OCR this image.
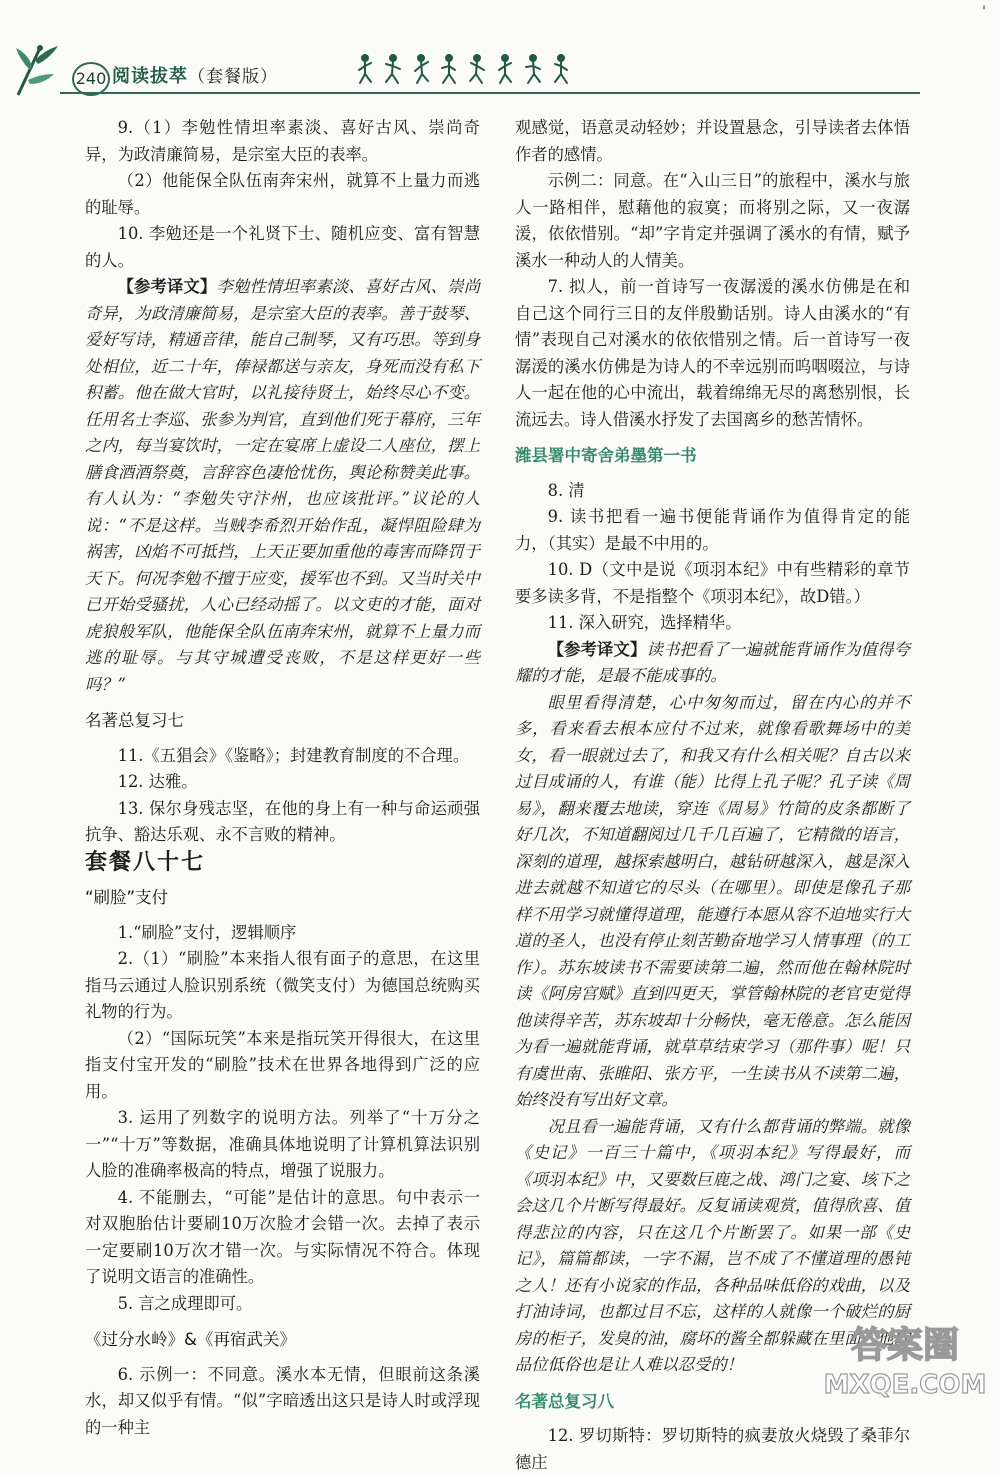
240 阅读拔萃（套餐版）
'

9.（1）李勉性情坦率素淡、喜好古风、崇尚奇异，为政清廉简易，是宗室大臣的表率。

（2）他能保全队伍南奔宋州，就算不上量力而逃的耻辱。

10. 李勉还是一个礼贤下士、随机应变、富有智慧的人。

【参考译文】李勉性情坦率素淡、喜好古风、崇尚奇异，为政清廉简易，是宗室大臣的表率。善于鼓琴、爱好写诗，精通音律，能自己制琴，又有巧思。等到身处相位，近二十年，俸禄都送与亲友，身死而没有私下积蓄。他在做大官时，以礼接待贤士，始终尽心不变。任用名士李巡、张参为判官，直到他们死于幕府，三年之内，每当宴饮时，一定在宴席上虚设二人座位，摆上膳食酒酒祭奠，言辞容色凄怆忧伤，舆论称赞美此事。有人认为：“李勉失守汴州，也应该批评。”议论的人说：“不是这样。当贼李希烈开始作乱，凝悍阻险肆为祸害，凶焰不可抵挡，上天正要加重他的毒害而降罚于天下。何况李勉不擅于应变，援军也不到。又当时关中已开始受骚扰，人心已经动摇了。以文吏的才能，面对虎狼般军队，他能保全队伍南奔宋州，就算不上量力而逃的耻辱。与其守城遭受丧败，不是这样更好一些吗？”

名著总复习七

11.《五猖会》《鉴略》；封建教育制度的不合理。

12. 达雅。

13. 保尔身残志坚，在他的身上有一种与命运顽强抗争、豁达乐观、永不言败的精神。

套餐八十七

“刷脸”支付

1.“刷脸”支付，逻辑顺序

2.（1）“刷脸”本来指人很有面子的意思，在这里指马云通过人脸识别系统（微笑支付）为德国总统购买礼物的行为。

（2）“国际玩笑”本来是指玩笑开得很大，在这里指支付宝开发的“刷脸”技术在世界各地得到广泛的应用。

3. 运用了列数字的说明方法。列举了“十万分之一”“十万”等数据，准确具体地说明了计算机算法识别人脸的准确率极高的特点，增强了说服力。

4. 不能删去，“可能”是估计的意思。句中表示一对双胞胎估计要刷10万次脸才会错一次。去掉了表示一定要刷10万次才错一次。与实际情况不符合。体现了说明文语言的准确性。

5. 言之成理即可。

《过分水岭》&《再宿武关》

6. 示例一：不同意。溪水本无情，但眼前这条溪水，却又似乎有情。“似”字暗透出这只是诗人时或浮现的一种主

观感觉，语意灵动轻妙；并设置悬念，引导读者去体悟作者的感情。

示例二：同意。在“入山三日”的旅程中，溪水与旅人一路相伴，慰藉他的寂寞；而将别之际，又一夜潺湲，依依惜别。“却”字肯定并强调了溪水的有情，赋予溪水一种动人的人情美。

7. 拟人，前一首诗写一夜潺湲的溪水仿佛是在和自己这个同行三日的友伴殷勤话别。诗人由溪水的“有情”表现自己对溪水的依依惜别之情。后一首诗写一夜潺湲的溪水仿佛是为诗人的不幸远别而呜咽啜泣，与诗人一起在他的心中流出，载着绵绵无尽的离愁别恨，长流远去。诗人借溪水抒发了去国离乡的愁苦情怀。

潍县署中寄舍弟墨第一书

8. 清

9. 读书把看一遍书便能背诵作为值得肯定的能力，（其实）是最不中用的。

10. D（文中是说《项羽本纪》中有些精彩的章节要多读多背，不是指整个《项羽本纪》，故D错。）

11. 深入研究，选择精华。

【参考译文】读书把看了一遍就能背诵作为值得夸耀的才能，是最不能成事的。

眼里看得清楚，心中匆匆而过，留在内心的并不多，看来看去根本应付不过来，就像看歌舞场中的美女，看一眼就过去了，和我又有什么相关呢？自古以来过目成诵的人，有谁（能）比得上孔子呢？孔子读《周易》，翻来覆去地读，穿连《周易》竹简的皮条都断了好几次，不知道翻阅过几千几百遍了，它精微的语言，深刻的道理，越探索越明白，越钻研越深入，越是深入进去就越不知道它的尽头（在哪里）。即使是像孔子那样不用学习就懂得道理，能遵行本愿从容不迫地实行大道的圣人，也没有停止刻苦勤奋地学习人情事理（的工作）。苏东坡读书不需要读第二遍，然而他在翰林院时读《阿房宫赋》直到四更天，掌管翰林院的老官吏觉得他读得辛苦，苏东坡却十分畅快，毫无倦意。怎么能因为看一遍就能背诵，就草草结束学习（那件事）呢！只有虞世南、张睢阳、张方平，一生读书从不读第二遍，始终没有写出好文章。

况且看一遍能背诵，又有什么都背诵的弊端。就像《史记》一百三十篇中，《项羽本纪》写得最好，而《项羽本纪》中，又要数巨鹿之战、鸿门之宴、垓下之会这几个片断写得最好。反复诵读观赏，值得欣喜、值得悲泣的内容，只在这几个片断罢了。如果一部《史记》，篇篇都读，一字不漏，岂不成了不懂道理的愚钝之人！还有小说家的作品，各种品味低俗的戏曲，以及打油诗词，也都过目不忘，这样的人就像一个破烂的厨房的柜子，发臭的油，腐坏的酱全都躲藏在里面，他的品位低俗也是让人难以忍受的！

名著总复习八

12. 罗切斯特：罗切斯特的疯妻放火烧毁了桑菲尔德庄

答案圈
MXQE.COM
